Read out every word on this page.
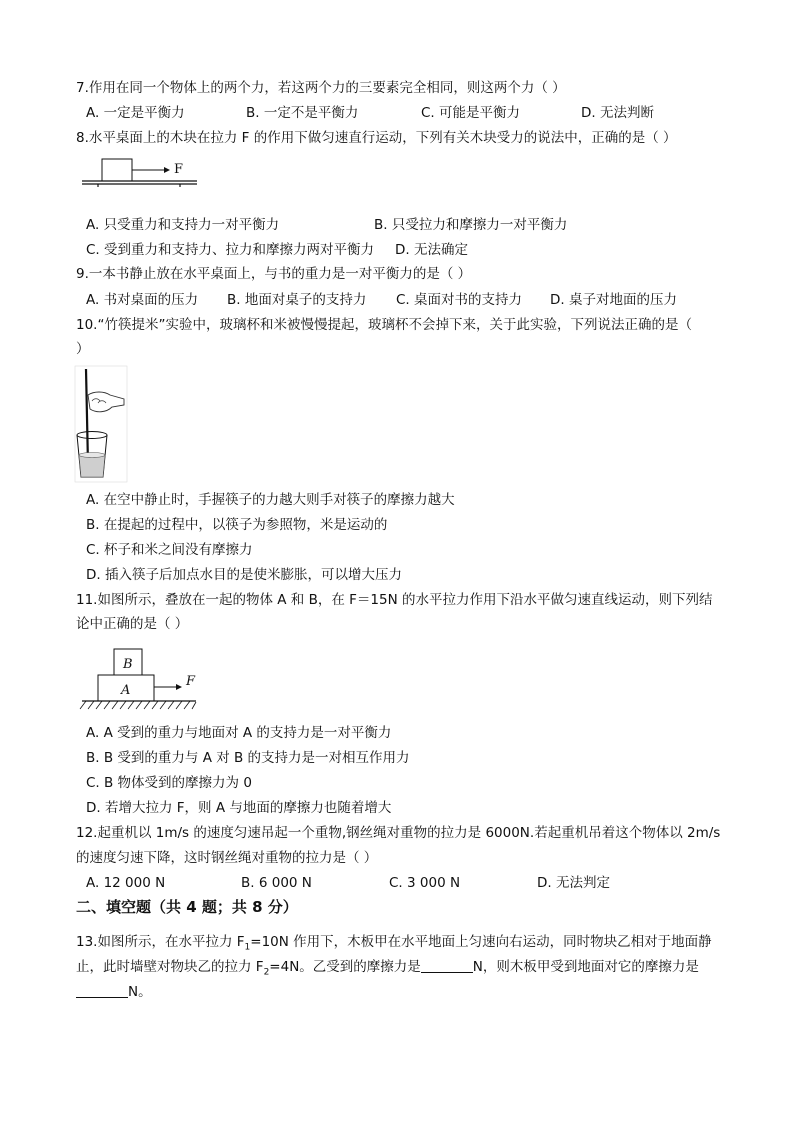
7.作用在同一个物体上的两个力，若这两个力的三要素完全相同，则这两个力（ ）
A. 一定是平衡力	B. 一定不是平衡力	C. 可能是平衡力	D. 无法判断
8.水平桌面上的木块在拉力 F 的作用下做匀速直行运动，下列有关木块受力的说法中，正确的是（ ）
F
A. 只受重力和支持力一对平衡力	B. 只受拉力和摩擦力一对平衡力
C. 受到重力和支持力、拉力和摩擦力两对平衡力 D. 无法确定
9.一本书静止放在水平桌面上，与书的重力是一对平衡力的是（ ）
A. 书对桌面的压力 B. 地面对桌子的支持力 C. 桌面对书的支持力 D. 桌子对地面的压力
10.“竹筷提米”实验中，玻璃杯和米被慢慢提起，玻璃杯不会掉下来，关于此实验，下列说法正确的是（
）
A. 在空中静止时，手握筷子的力越大则手对筷子的摩擦力越大
B. 在提起的过程中，以筷子为参照物，米是运动的
C. 杯子和米之间没有摩擦力
D. 插入筷子后加点水目的是使米膨胀，可以增大压力
11.如图所示，叠放在一起的物体 A 和 B，在 F＝15N 的水平拉力作用下沿水平做匀速直线运动，则下列结
论中正确的是（ ）
B
A
F
A. A 受到的重力与地面对 A 的支持力是一对平衡力
B. B 受到的重力与 A 对 B 的支持力是一对相互作用力
C. B 物体受到的摩擦力为 0
D. 若增大拉力 F，则 A 与地面的摩擦力也随着增大
12.起重机以 1m/s 的速度匀速吊起一个重物,钢丝绳对重物的拉力是 6000N.若起重机吊着这个物体以 2m/s
的速度匀速下降，这时钢丝绳对重物的拉力是（ ）
A. 12 000 N	B. 6 000 N	C. 3 000 N	D. 无法判定
二、填空题（共 4 题；共 8 分）
13.如图所示，在水平拉力 $F_1=10N$ 作用下，木板甲在水平地面上匀速向右运动，同时物块乙相对于地面静
止，此时墙壁对物块乙的拉力 $F_2=4N$。乙受到的摩擦力是	N，则木板甲受到地面对它的摩擦力是
N。
